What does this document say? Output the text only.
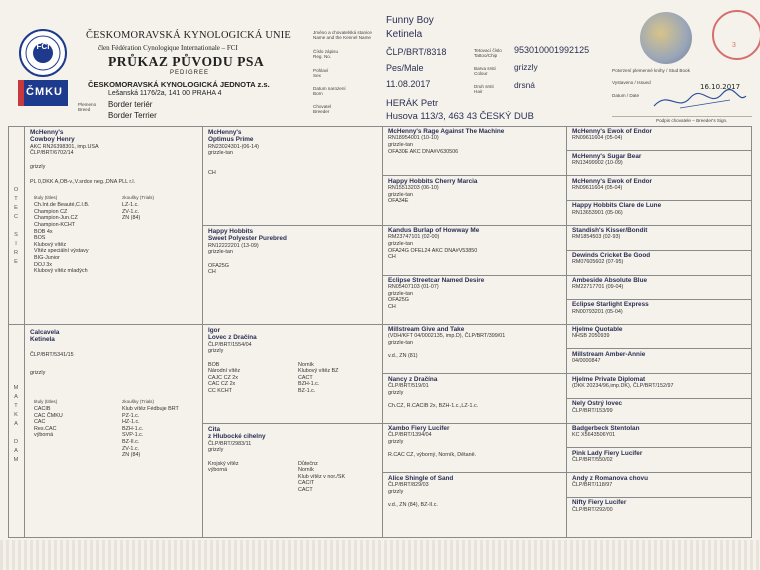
FCI
ČMKU
ČESKOMORAVSKÁ KYNOLOGICKÁ UNIE
člen Fédération Cynologique Internationale – FCI
PRŮKAZ PŮVODU PSA
PEDIGREE
ČESKOMORAVSKÁ KYNOLOGICKÁ JEDNOTA z.s.
Lešanská 1176/2a, 141 00 PRAHA 4
Plemeno
Breed
Border teriér
Border Terrier
Jméno a chovatelská stanice
Name and the Kennel Name
Funny Boy
Ketinela
Číslo zápisu
Reg. No.	ČLP/BRT/8318
Pohlaví
Sex
Pes/Male
Datum narození
Born
11.08.2017
Chovatel
Breeder
HERÁK Petr
Husova 113/3, 463 43 ČESKÝ DUB
Tetovací číslo
Tattoo/Chip
953010001992125
Barva srsti
Colour
grizzly
Druh srsti
Hair
drsná
3
Potvrzení plemenné knihy / Stud Book
Vystaveno / Issued
16.10.2017
Datum / Date
Podpis chovatele – Breeder's Sign.
O
T
E
C

S
I
R
E
M
A
T
K
A

D
A
M
McHenny's
Cowboy Henry
AKC RN26398301, imp.USA
ČLP/BRT/6702/14
grizzly
PL 0,DKK A,OB-v.,V.srdce neg.,DNA PLL r.l.
tituly (titles)	zkoušky (Trials)
Ch.Int.de Beauté,C.I.B.
Champion CZ
Champion-Jun.CZ
Champion-KCHT
BOB 4x
BOS
Klubový vítěz
Vítěz speciální výstavy
BIG-Junior
DOJ 3x
Klubový vítěz mladých
LZ-1.c.
ZV-1.c.
ZN (84)
Calcavela
Ketinela
ČLP/BRT/5341/15
grizzly
tituly (titles)	zkoušky (Trials)
CACIB
CAC ČMKU
CAC
Res.CAC
výborná
Klub vítěz Fédbuje BRT
PZ-1.c.
HZ-1.c.
BZH-1.c.
SVP-1.c.
BZ-II.c.
ZV-1.c.
ZN (84)
McHenny's
Optimus Prime
RN23024301-(06-14)
grizzle-tan

CH
Happy Hobbits
Sweet Polyester Purebred
RN12222201 (13-09)
grizzle-tan

OFA25G
CH
Igor
Lovec z Dračína
ČLP/BRT/1554/04
grizzly

BOB
Národní vítěz
CAJC CZ 2x
CAC CZ 2x
CC KCHT
Norník
Klubový vítěz BZ
CACT
BZH-1.c.
BZ-1.c.
Cita
z Hlubocké cihelny
ČLP/BRT/2983/11
grizzly

Krojský vítěz
výborná
Důtečnz
Norník
Klub vítěz v nor./SK
CACIT
CACT
McHenny's Rage Against The Machine
RN18954001 (10-10)
grizzle-tan
OFA30E AKC DNA#V630506
Happy Hobbits Cherry Marcia
RN15513203 (06-10)
grizzle-tan
OFA34E
Kandus Burlap of Howway Me
RM23747101 (02-00)
grizzle-tan
OFA24G OFEL24 AKC DNA#V53850
CH
Eclipse Streetcar Named Desire
RN05407103 (01-07)
grizzle-tan
OFA25G
CH
Millstream Give and Take
(VDH/KFT 04/0002135, imp.D), ČLP/BRT/399/01
grizzle-tan

v.d., ZN (81)
Nancy z Dračína
ČLP/BRT/519/01
grizzly

Ch.CZ, R.CACIB 2x, BZH-1.c.,LZ-1.c.
Xambo Fiery Lucifer
ČLP/BRT/1394/04
grizzly

R.CAC CZ, výborný, Norník, Dětaně.
Alice Shingle of Sand
ČLP/BRT/829/03
grizzly

v.d., ZN (84), BZ-II.c.
McHenny's Ewok of Endor
RN09611604 (05-04)
McHenny's Sugar Bear
RN13499902 (10-09)
McHenny's Ewok of Endor
RN09611604 (05-04)
Happy Hobbits Clare de Lune
RN13653901 (05-06)
Standish's Kisser/Bondit
RM1854503 (02-93)
Dewinds Cricket Be Good
RM07605602 (07-95)
Ambeside Absolute Blue
RM22717701 (09-04)
Eclipse Starlight Express
RN00793201 (05-04)
Hjelme Quotable
NHSB 2050939
Millstream Amber-Annie
04/0000847
Hjelme Private Diplomat
(DKK 20234/96,imp.DK), ČLP/BRT/152/97
Nely Ostrý lovec
ČLP/BRT/153/99
Badgerbeck Stentolan
KC X5643506Y01
Pink Lady Fiery Lucifer
ČLP/BRT/550/02
Andy z Romanova chovu
ČLP/BRT/118/97
Nifty Fiery Lucifer
ČLP/BRT/292/00
